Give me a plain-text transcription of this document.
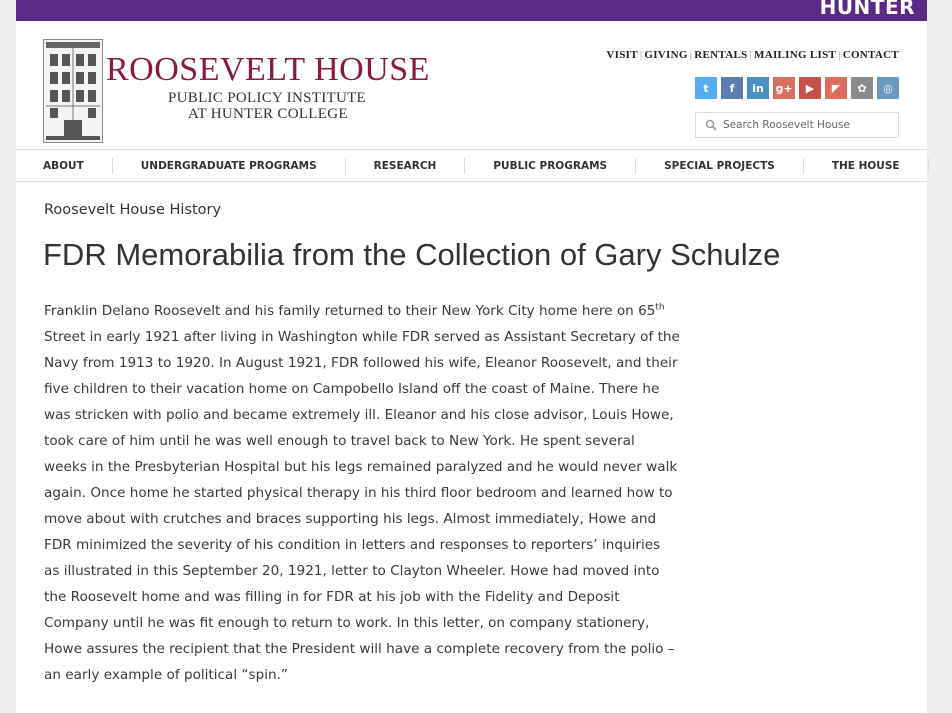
HUNTER
ROOSEVELT HOUSE
PUBLIC POLICY INSTITUTE
AT HUNTER COLLEGE
VISIT | GIVING | RENTALS | MAILING LIST | CONTACT
t	f	in	g+	▶	◤	✿	◎
Search Roosevelt House
ABOUT	UNDERGRADUATE PROGRAMS	RESEARCH	PUBLIC PROGRAMS	SPECIAL PROJECTS	THE HOUSE
Roosevelt House History
FDR Memorabilia from the Collection of Gary Schulze
Franklin Delano Roosevelt and his family returned to their New York City home here on 65th
Street in early 1921 after living in Washington while FDR served as Assistant Secretary of the
Navy from 1913 to 1920. In August 1921, FDR followed his wife, Eleanor Roosevelt, and their
five children to their vacation home on Campobello Island off the coast of Maine. There he
was stricken with polio and became extremely ill. Eleanor and his close advisor, Louis Howe,
took care of him until he was well enough to travel back to New York. He spent several
weeks in the Presbyterian Hospital but his legs remained paralyzed and he would never walk
again. Once home he started physical therapy in his third floor bedroom and learned how to
move about with crutches and braces supporting his legs. Almost immediately, Howe and
FDR minimized the severity of his condition in letters and responses to reporters’ inquiries
as illustrated in this September 20, 1921, letter to Clayton Wheeler. Howe had moved into
the Roosevelt home and was filling in for FDR at his job with the Fidelity and Deposit
Company until he was fit enough to return to work. In this letter, on company stationery,
Howe assures the recipient that the President will have a complete recovery from the polio –
an early example of political “spin.”
